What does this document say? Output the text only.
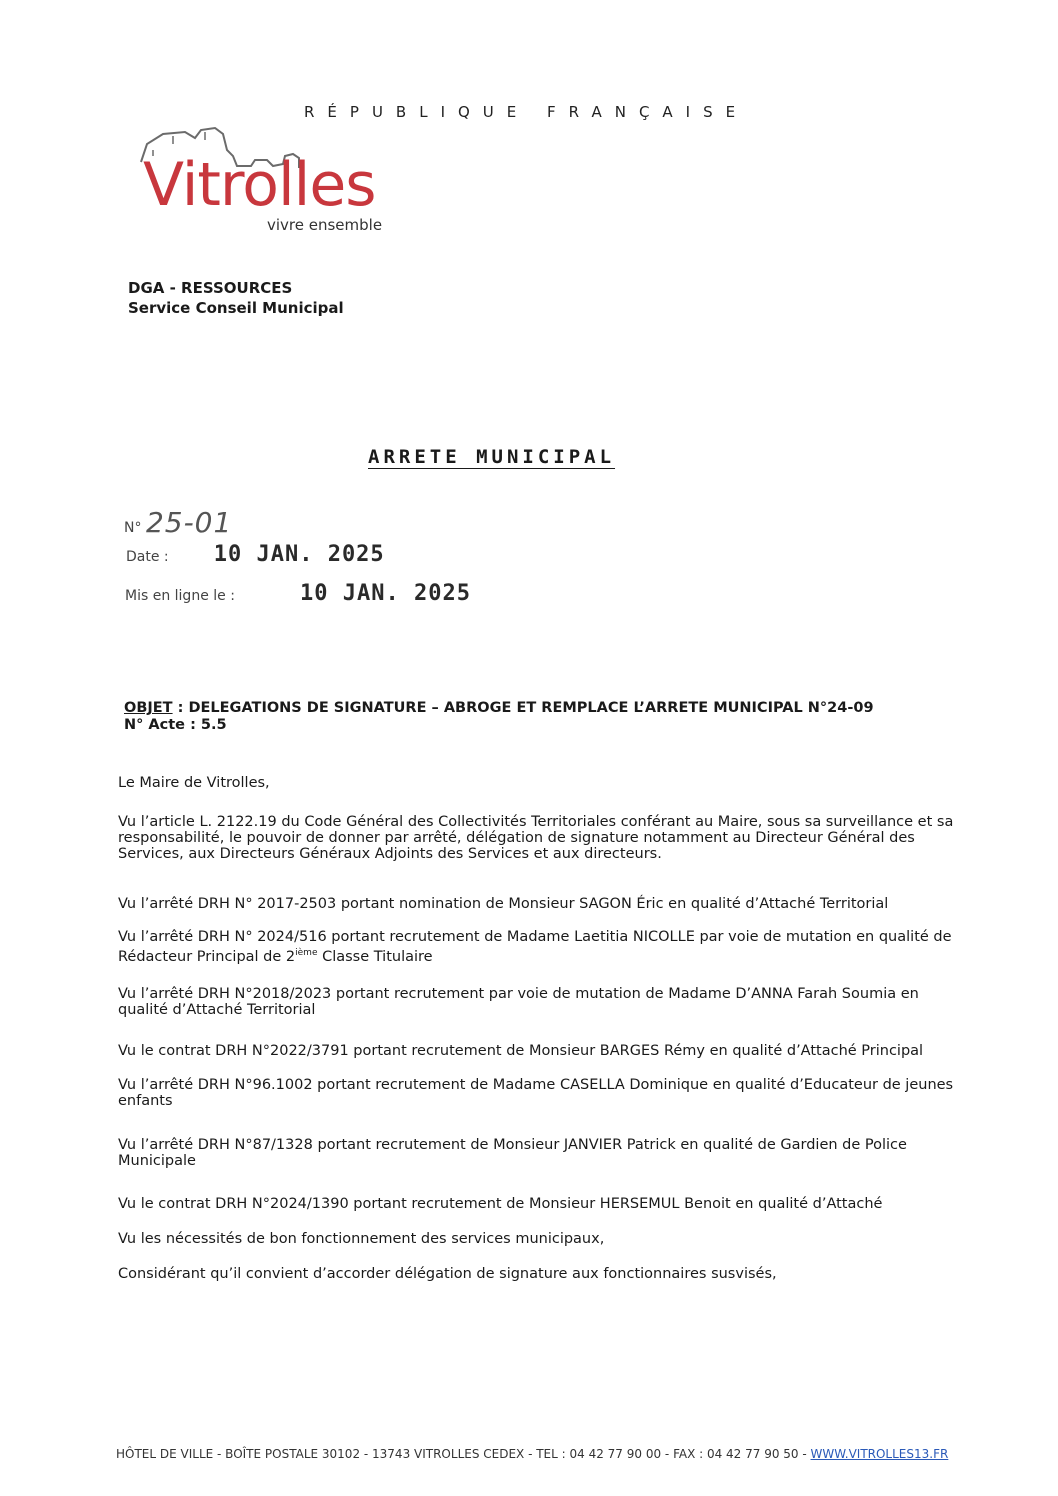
RÉPUBLIQUE FRANÇAISE
Vitrolles
vivre ensemble
DGA - RESSOURCES
Service Conseil Municipal
ARRETE MUNICIPAL
N° 25-01
Date : 10 JAN. 2025
Mis en ligne le :	10 JAN. 2025
OBJET : DELEGATIONS DE SIGNATURE – ABROGE ET REMPLACE L’ARRETE MUNICIPAL N°24-09
N° Acte : 5.5
Le Maire de Vitrolles,
Vu l’article L. 2122.19 du Code Général des Collectivités Territoriales conférant au Maire, sous sa surveillance et sa responsabilité, le pouvoir de donner par arrêté, délégation de signature notamment au Directeur Général des Services, aux Directeurs Généraux Adjoints des Services et aux directeurs.
Vu l’arrêté DRH N° 2017-2503 portant nomination de Monsieur SAGON Éric en qualité d’Attaché Territorial
Vu l’arrêté DRH N° 2024/516 portant recrutement de Madame Laetitia NICOLLE par voie de mutation en qualité de Rédacteur Principal de 2ième Classe Titulaire
Vu l’arrêté DRH N°2018/2023 portant recrutement par voie de mutation de Madame D’ANNA Farah Soumia en qualité d’Attaché Territorial
Vu le contrat DRH N°2022/3791 portant recrutement de Monsieur BARGES Rémy en qualité d’Attaché Principal
Vu l’arrêté DRH N°96.1002 portant recrutement de Madame CASELLA Dominique en qualité d’Educateur de jeunes enfants
Vu l’arrêté DRH N°87/1328 portant recrutement de Monsieur JANVIER Patrick en qualité de Gardien de Police Municipale
Vu le contrat DRH N°2024/1390 portant recrutement de Monsieur HERSEMUL Benoit en qualité d’Attaché
Vu les nécessités de bon fonctionnement des services municipaux,
Considérant qu’il convient d’accorder délégation de signature aux fonctionnaires susvisés,
HÔTEL DE VILLE - BOÎTE POSTALE 30102 - 13743 VITROLLES CEDEX - TEL : 04 42 77 90 00 - FAX : 04 42 77 90 50 - WWW.VITROLLES13.FR
